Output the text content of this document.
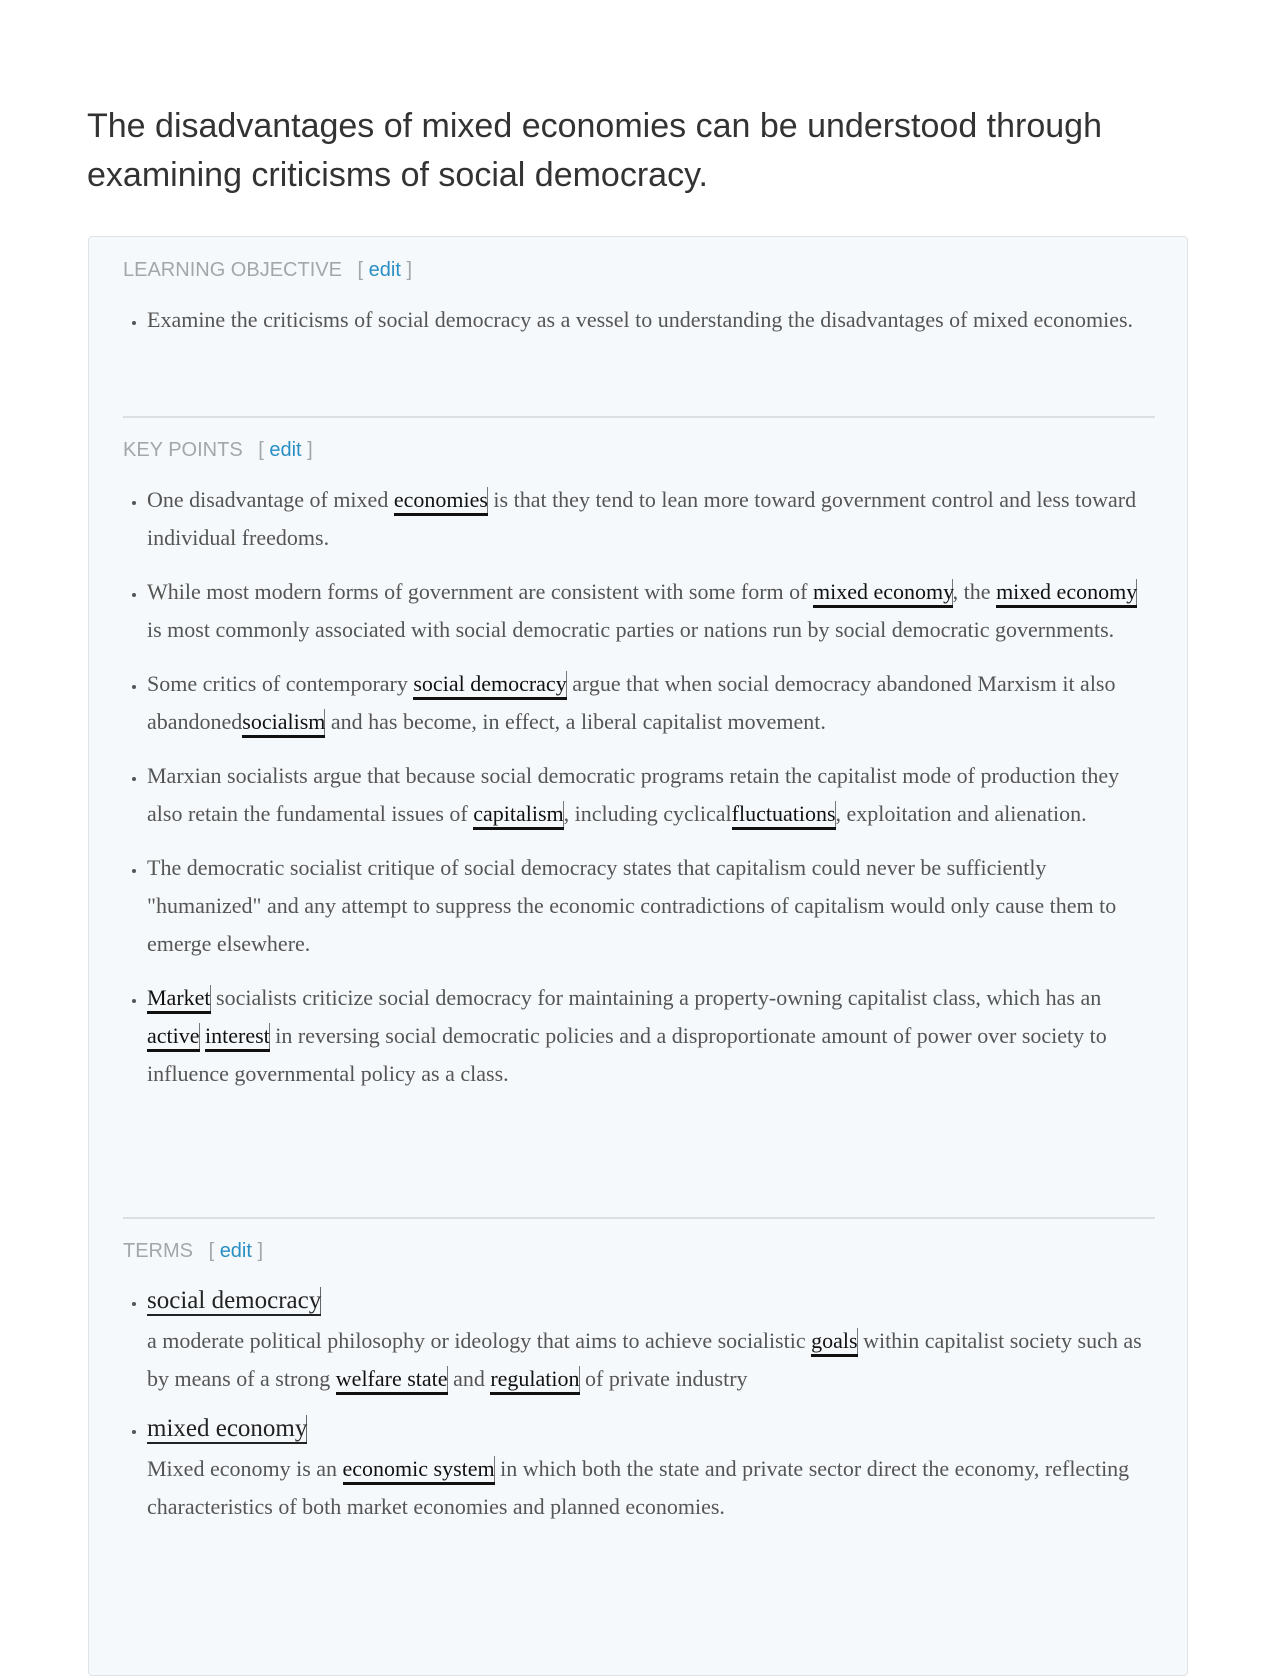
The disadvantages of mixed economies can be understood through examining criticisms of social democracy.
LEARNING OBJECTIVE [ edit ]
• Examine the criticisms of social democracy as a vessel to understanding the disadvantages of mixed economies.
KEY POINTS [ edit ]
• One disadvantage of mixed economies is that they tend to lean more toward government control and less toward individual freedoms.
• While most modern forms of government are consistent with some form of mixed economy, the mixed economy is most commonly associated with social democratic parties or nations run by social democratic governments.
• Some critics of contemporary social democracy argue that when social democracy abandoned Marxism it also abandonedsocialism and has become, in effect, a liberal capitalist movement.
• Marxian socialists argue that because social democratic programs retain the capitalist mode of production they also retain the fundamental issues of capitalism, including cyclicalfluctuations, exploitation and alienation.
• The democratic socialist critique of social democracy states that capitalism could never be sufficiently "humanized" and any attempt to suppress the economic contradictions of capitalism would only cause them to emerge elsewhere.
• Market socialists criticize social democracy for maintaining a property-owning capitalist class, which has an active interest in reversing social democratic policies and a disproportionate amount of power over society to influence governmental policy as a class.
TERMS [ edit ]
• social democracy
a moderate political philosophy or ideology that aims to achieve socialistic goals within capitalist society such as by means of a strong welfare state and regulation of private industry
• mixed economy
Mixed economy is an economic system in which both the state and private sector direct the economy, reflecting characteristics of both market economies and planned economies.
